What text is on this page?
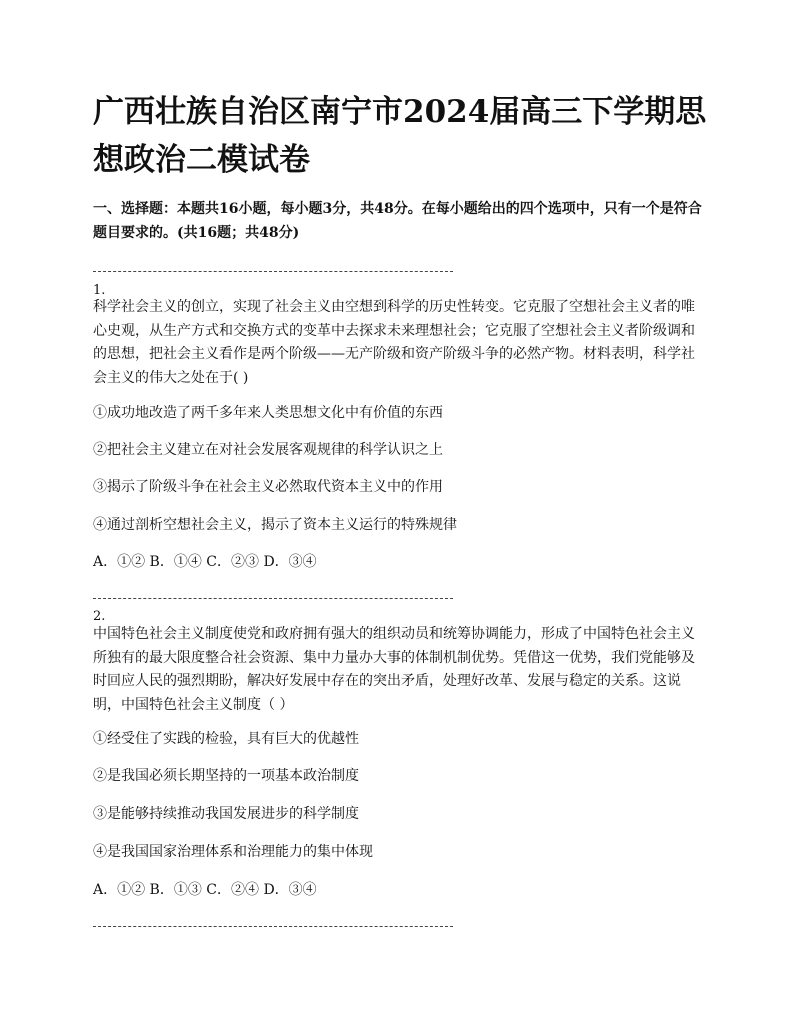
广西壮族自治区南宁市2024届高三下学期思想政治二模试卷

一、选择题：本题共16小题，每小题3分，共48分。在每小题给出的四个选项中，只有一个是符合题目要求的。(共16题；共48分)

1.

科学社会主义的创立，实现了社会主义由空想到科学的历史性转变。它克服了空想社会主义者的唯心史观，从生产方式和交换方式的变革中去探求未来理想社会；它克服了空想社会主义者阶级调和的思想，把社会主义看作是两个阶级——无产阶级和资产阶级斗争的必然产物。材料表明，科学社会主义的伟大之处在于( )

①成功地改造了两千多年来人类思想文化中有价值的东西

②把社会主义建立在对社会发展客观规律的科学认识之上

③揭示了阶级斗争在社会主义必然取代资本主义中的作用

④通过剖析空想社会主义，揭示了资本主义运行的特殊规律

A．①② B．①④ C．②③ D．③④

2.

中国特色社会主义制度使党和政府拥有强大的组织动员和统筹协调能力，形成了中国特色社会主义所独有的最大限度整合社会资源、集中力量办大事的体制机制优势。凭借这一优势，我们党能够及时回应人民的强烈期盼，解决好发展中存在的突出矛盾，处理好改革、发展与稳定的关系。这说明，中国特色社会主义制度（ ）

①经受住了实践的检验，具有巨大的优越性

②是我国必须长期坚持的一项基本政治制度

③是能够持续推动我国发展进步的科学制度

④是我国国家治理体系和治理能力的集中体现

A．①② B．①③ C．②④ D．③④
